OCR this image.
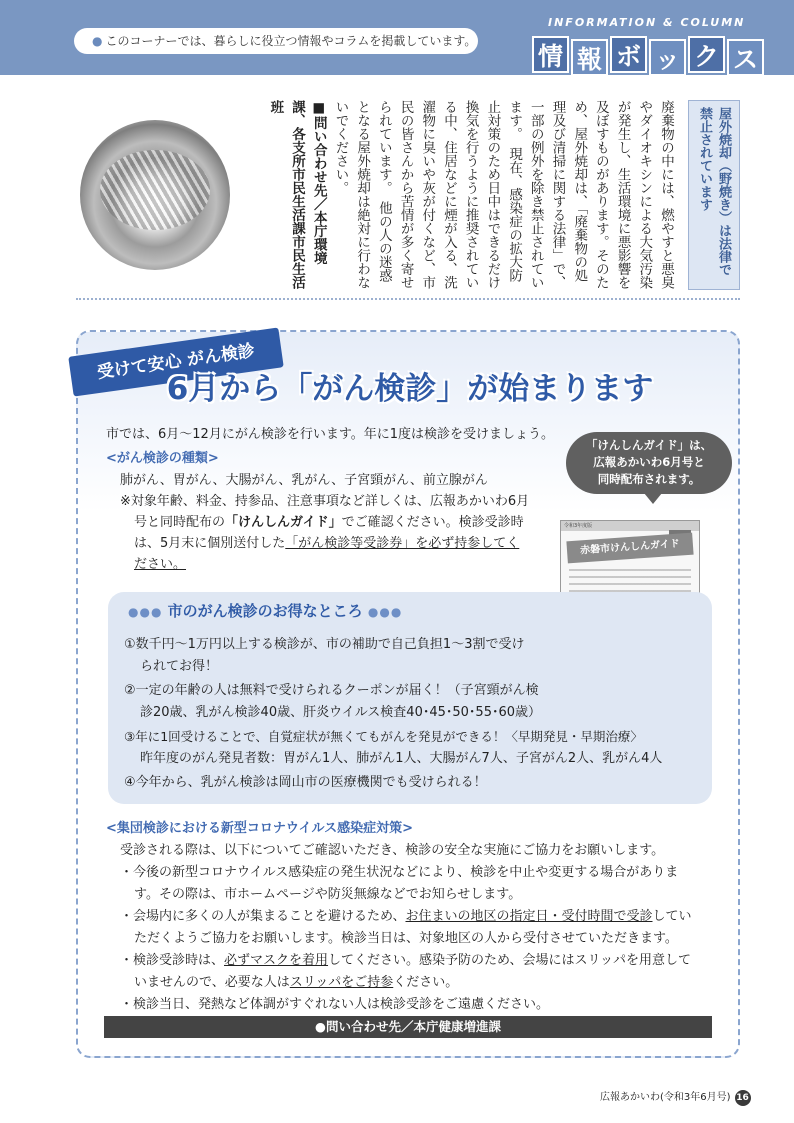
● このコーナーでは、暮らしに役立つ情報やコラムを掲載しています。
INFORMATION & COLUMN
情 報 ボ ッ ク ス
屋外焼却（野焼き）は法律で禁止されています
廃棄物の中には、燃やすと悪臭やダイオキシンによる大気汚染が発生し、生活環境に悪影響を及ぼすものがあります。そのため、屋外焼却は、「廃棄物の処理及び清掃に関する法律」で、一部の例外を除き禁止されています。　現在、感染症の拡大防止対策のため日中はできるだけ換気を行うように推奨されている中、住居などに煙が入る、洗濯物に臭いや灰が付くなど、市民の皆さんから苦情が多く寄せられています。　他の人の迷惑となる屋外焼却は絶対に行わないでください。
■問い合わせ先／本庁環境課、各支所市民生活課市民生活班
受けて安心 がん検診
6月から「がん検診」が始まります
市では、6月～12月にがん検診を行います。年に1度は検診を受けましょう。
<がん検診の種類>
肺がん、胃がん、大腸がん、乳がん、子宮頸がん、前立腺がん
※対象年齢、料金、持参品、注意事項など詳しくは、広報あかいわ6月
号と同時配布の「けんしんガイド」でご確認ください。検診受診時
は、5月末に個別送付した「がん検診等受診券」を必ず持参してく
ださい。
「けんしんガイド」は、
広報あかいわ6月号と
同時配布されます。
令和3年度版
赤磐市けんしんガイド
●●● 市のがん検診のお得なところ ●●●
①数千円～1万円以上する検診が、市の補助で自己負担1～3割で受け
られてお得！
②一定の年齢の人は無料で受けられるクーポンが届く！（子宮頸がん検
診20歳、乳がん検診40歳、肝炎ウイルス検査40･45･50･55･60歳）
③年に1回受けることで、自覚症状が無くてもがんを発見ができる！〈早期発見・早期治療〉
昨年度のがん発見者数：胃がん1人、肺がん1人、大腸がん7人、子宮がん2人、乳がん4人
④今年から、乳がん検診は岡山市の医療機関でも受けられる！
<集団検診における新型コロナウイルス感染症対策>
受診される際は、以下についてご確認いただき、検診の安全な実施にご協力をお願いします。
・今後の新型コロナウイルス感染症の発生状況などにより、検診を中止や変更する場合がありま
す。その際は、市ホームページや防災無線などでお知らせします。
・会場内に多くの人が集まることを避けるため、お住まいの地区の指定日・受付時間で受診してい
ただくようご協力をお願いします。検診当日は、対象地区の人から受付させていただきます。
・検診受診時は、必ずマスクを着用してください。感染予防のため、会場にはスリッパを用意して
いませんので、必要な人はスリッパをご持参ください。
・検診当日、発熱など体調がすぐれない人は検診受診をご遠慮ください。
●問い合わせ先／本庁健康増進課
広報あかいわ(令和3年6月号) 16
